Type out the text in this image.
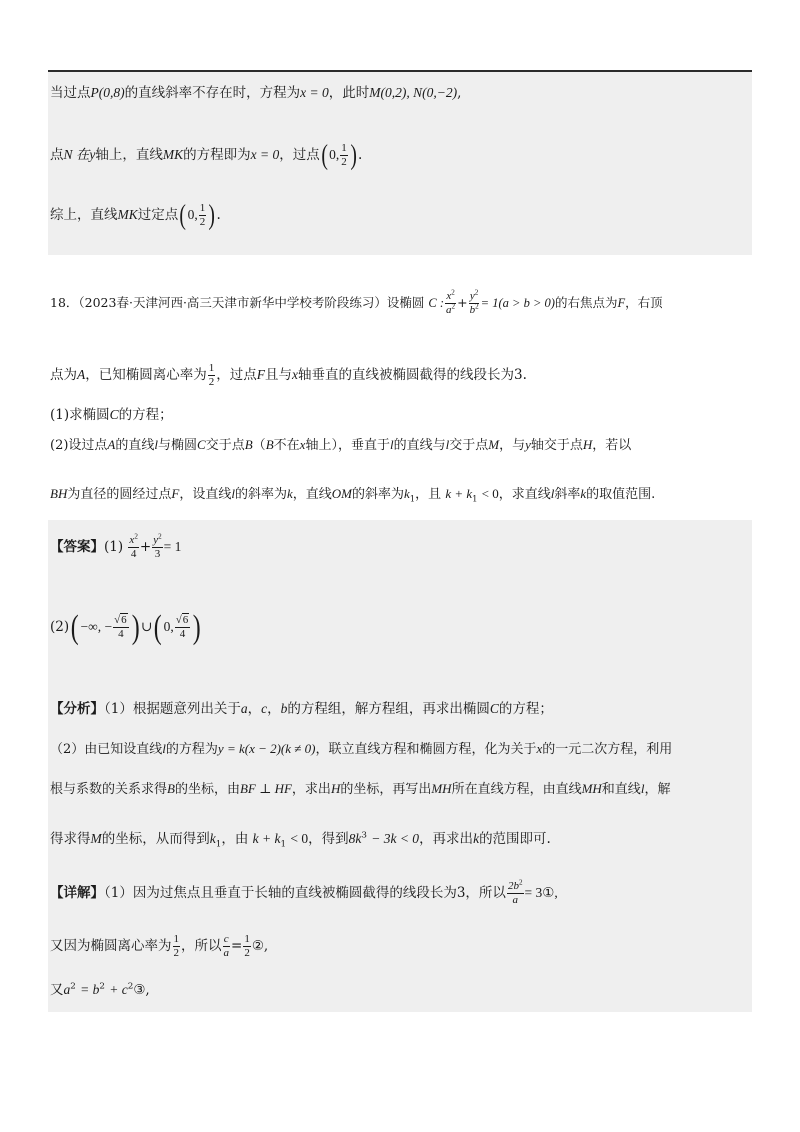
当过点P(0,8)的直线斜率不存在时，方程为x = 0，此时M(0,2), N(0,−2),
点N 在y轴上，直线MK的方程即为x = 0，过点(0, $\frac{1}{2}$ ).
综上，直线MK过定点(0, $\frac{1}{2}$ ).
18．（2023春·天津河西·高三天津市新华中学校考阶段练习）设椭圆 C : $\frac{x^2}{a^2} + \frac{y^2}{b^2} = 1(a > b > 0)$的右焦点为F，右顶
点为A，已知椭圆离心率为 $\frac{1}{2}$ ，过点F且与x轴垂直的直线被椭圆截得的线段长为3.
(1)求椭圆C的方程；
(2)设过点A的直线l与椭圆C交于点B（B不在x轴上），垂直于l的直线与l交于点M，与y轴交于点H，若以
BH为直径的圆经过点F，设直线l的斜率为k，直线OM的斜率为$k_1$，且 $k + k_1 < 0$，求直线l斜率k的取值范围.
【答案】$(1) \frac{x^2}{4} + \frac{y^2}{3} = 1$
(2)( −∞, − $\frac{√6}{4}$ ) ∪( 0, $\frac{√6}{4}$ )
【分析】（1）根据题意列出关于a，c，b的方程组，解方程组，再求出椭圆C的方程；
（2）由已知设直线l的方程为y = k(x − 2)(k ≠ 0)，联立直线方程和椭圆方程，化为关于x的一元二次方程，利用
根与系数的关系求得B的坐标，由BF ⊥ HF，求出H的坐标，再写出MH所在直线方程，由直线MH和直线l，解
得求得M的坐标，从而得到$k_1$，由 $k + k_1 < 0$，得到$8k^3 - 3k < 0$，再求出k的范围即可.
【详解】（1）因为过焦点且垂直于长轴的直线被椭圆截得的线段长为3，所以 $\frac{2b^2}{a}$ = 3①,
又因为椭圆离心率为 $\frac{1}{2}$ ，所以 $\frac{c}{a} = \frac{1}{2}$ ②,
又$a^2 = b^2$ + $c^2③$,
